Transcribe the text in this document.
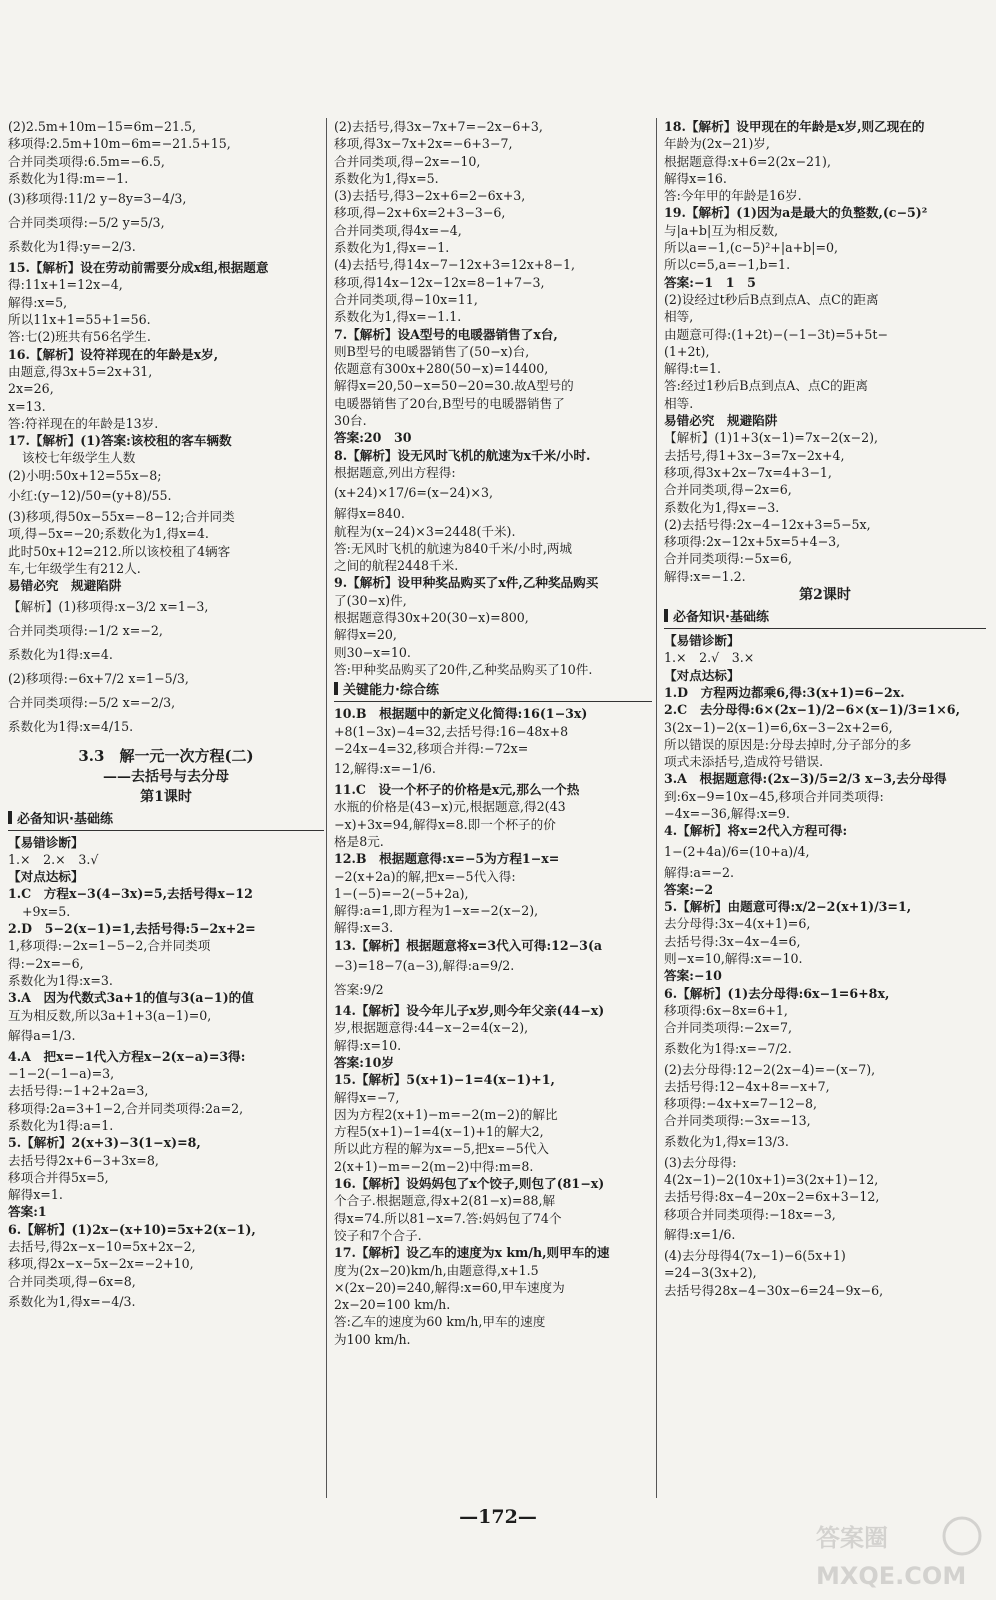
(2)2.5m+10m−15=6m−21.5,
移项得:2.5m+10m−6m=−21.5+15,
合并同类项得:6.5m=−6.5,
系数化为1得:m=−1.
(3)移项得:11/2 y−8y=3−4/3,
合并同类项得:−5/2 y=5/3,
系数化为1得:y=−2/3.
15.【解析】设在劳动前需要分成x组,根据题意
得:11x+1=12x−4,
解得:x=5,
所以11x+1=55+1=56.
答:七(2)班共有56名学生.
16.【解析】设符祥现在的年龄是x岁,
由题意,得3x+5=2x+31,
2x=26,
x=13.
答:符祥现在的年龄是13岁.
17.【解析】(1)答案:该校租的客车辆数
该校七年级学生人数
(2)小明:50x+12=55x−8;
小红:(y−12)/50=(y+8)/55.
(3)移项,得50x−55x=−8−12;合并同类
项,得−5x=−20;系数化为1,得x=4.
此时50x+12=212.所以该校租了4辆客
车,七年级学生有212人.
易错必究　规避陷阱
【解析】(1)移项得:x−3/2 x=1−3,
合并同类项得:−1/2 x=−2,
系数化为1得:x=4.
(2)移项得:−6x+7/2 x=1−5/3,
合并同类项得:−5/2 x=−2/3,
系数化为1得:x=4/15.
3.3　解一元一次方程(二)
——去括号与去分母
第1课时
必备知识·基础练
【易错诊断】
1.×　2.×　3.√
【对点达标】
1.C　方程x−3(4−3x)=5,去括号得x−12
+9x=5.
2.D　5−2(x−1)=1,去括号得:5−2x+2=
1,移项得:−2x=1−5−2,合并同类项
得:−2x=−6,
系数化为1得:x=3.
3.A　因为代数式3a+1的值与3(a−1)的值
互为相反数,所以3a+1+3(a−1)=0,
解得a=1/3.
4.A　把x=−1代入方程x−2(x−a)=3得:
−1−2(−1−a)=3,
去括号得:−1+2+2a=3,
移项得:2a=3+1−2,合并同类项得:2a=2,
系数化为1得:a=1.
5.【解析】2(x+3)−3(1−x)=8,
去括号得2x+6−3+3x=8,
移项合并得5x=5,
解得x=1.
答案:1
6.【解析】(1)2x−(x+10)=5x+2(x−1),
去括号,得2x−x−10=5x+2x−2,
移项,得2x−x−5x−2x=−2+10,
合并同类项,得−6x=8,
系数化为1,得x=−4/3.
(2)去括号,得3x−7x+7=−2x−6+3,
移项,得3x−7x+2x=−6+3−7,
合并同类项,得−2x=−10,
系数化为1,得x=5.
(3)去括号,得3−2x+6=2−6x+3,
移项,得−2x+6x=2+3−3−6,
合并同类项,得4x=−4,
系数化为1,得x=−1.
(4)去括号,得14x−7−12x+3=12x+8−1,
移项,得14x−12x−12x=8−1+7−3,
合并同类项,得−10x=11,
系数化为1,得x=−1.1.
7.【解析】设A型号的电暖器销售了x台,
则B型号的电暖器销售了(50−x)台,
依题意有300x+280(50−x)=14400,
解得x=20,50−x=50−20=30.故A型号的
电暖器销售了20台,B型号的电暖器销售了
30台.
答案:20　30
8.【解析】设无风时飞机的航速为x千米/小时.
根据题意,列出方程得:
(x+24)×17/6=(x−24)×3,
解得x=840.
航程为(x−24)×3=2448(千米).
答:无风时飞机的航速为840千米/小时,两城
之间的航程2448千米.
9.【解析】设甲种奖品购买了x件,乙种奖品购买
了(30−x)件,
根据题意得30x+20(30−x)=800,
解得x=20,
则30−x=10.
答:甲种奖品购买了20件,乙种奖品购买了10件.
关键能力·综合练
10.B　根据题中的新定义化简得:16(1−3x)
+8(1−3x)−4=32,去括号得:16−48x+8
−24x−4=32,移项合并得:−72x=
12,解得:x=−1/6.
11.C　设一个杯子的价格是x元,那么一个热
水瓶的价格是(43−x)元,根据题意,得2(43
−x)+3x=94,解得x=8.即一个杯子的价
格是8元.
12.B　根据题意得:x=−5为方程1−x=
−2(x+2a)的解,把x=−5代入得:
1−(−5)=−2(−5+2a),
解得:a=1,即方程为1−x=−2(x−2),
解得:x=3.
13.【解析】根据题意将x=3代入可得:12−3(a
−3)=18−7(a−3),解得:a=9/2.
答案:9/2
14.【解析】设今年儿子x岁,则今年父亲(44−x)
岁,根据题意得:44−x−2=4(x−2),
解得:x=10.
答案:10岁
15.【解析】5(x+1)−1=4(x−1)+1,
解得x=−7,
因为方程2(x+1)−m=−2(m−2)的解比
方程5(x+1)−1=4(x−1)+1的解大2,
所以此方程的解为x=−5,把x=−5代入
2(x+1)−m=−2(m−2)中得:m=8.
16.【解析】设妈妈包了x个饺子,则包了(81−x)
个合子.根据题意,得x+2(81−x)=88,解
得x=74.所以81−x=7.答:妈妈包了74个
饺子和7个合子.
17.【解析】设乙车的速度为x km/h,则甲车的速
度为(2x−20)km/h,由题意得,x+1.5
×(2x−20)=240,解得:x=60,甲车速度为
2x−20=100 km/h.
答:乙车的速度为60 km/h,甲车的速度
为100 km/h.
18.【解析】设甲现在的年龄是x岁,则乙现在的
年龄为(2x−21)岁,
根据题意得:x+6=2(2x−21),
解得x=16.
答:今年甲的年龄是16岁.
19.【解析】(1)因为a是最大的负整数,(c−5)²
与|a+b|互为相反数,
所以a=−1,(c−5)²+|a+b|=0,
所以c=5,a=−1,b=1.
答案:−1　1　5
(2)设经过t秒后B点到点A、点C的距离
相等,
由题意可得:(1+2t)−(−1−3t)=5+5t−
(1+2t),
解得:t=1.
答:经过1秒后B点到点A、点C的距离
相等.
易错必究　规避陷阱
【解析】(1)1+3(x−1)=7x−2(x−2),
去括号,得1+3x−3=7x−2x+4,
移项,得3x+2x−7x=4+3−1,
合并同类项,得−2x=6,
系数化为1,得x=−3.
(2)去括号得:2x−4−12x+3=5−5x,
移项得:2x−12x+5x=5+4−3,
合并同类项得:−5x=6,
解得:x=−1.2.
第2课时
必备知识·基础练
【易错诊断】
1.×　2.√　3.×
【对点达标】
1.D　方程两边都乘6,得:3(x+1)=6−2x.
2.C　去分母得:6×(2x−1)/2−6×(x−1)/3=1×6,
3(2x−1)−2(x−1)=6,6x−3−2x+2=6,
所以错误的原因是:分母去掉时,分子部分的多
项式未添括号,造成符号错误.
3.A　根据题意得:(2x−3)/5=2/3 x−3,去分母得
到:6x−9=10x−45,移项合并同类项得:
−4x=−36,解得:x=9.
4.【解析】将x=2代入方程可得:
1−(2+4a)/6=(10+a)/4,
解得:a=−2.
答案:−2
5.【解析】由题意可得:x/2−2(x+1)/3=1,
去分母得:3x−4(x+1)=6,
去括号得:3x−4x−4=6,
则−x=10,解得:x=−10.
答案:−10
6.【解析】(1)去分母得:6x−1=6+8x,
移项得:6x−8x=6+1,
合并同类项得:−2x=7,
系数化为1得:x=−7/2.
(2)去分母得:12−2(2x−4)=−(x−7),
去括号得:12−4x+8=−x+7,
移项得:−4x+x=7−12−8,
合并同类项得:−3x=−13,
系数化为1,得x=13/3.
(3)去分母得:
4(2x−1)−2(10x+1)=3(2x+1)−12,
去括号得:8x−4−20x−2=6x+3−12,
移项合并同类项得:−18x=−3,
解得:x=1/6.
(4)去分母得4(7x−1)−6(5x+1)
=24−3(3x+2),
去括号得28x−4−30x−6=24−9x−6,
—172—
答案圈
MXQE.COM
